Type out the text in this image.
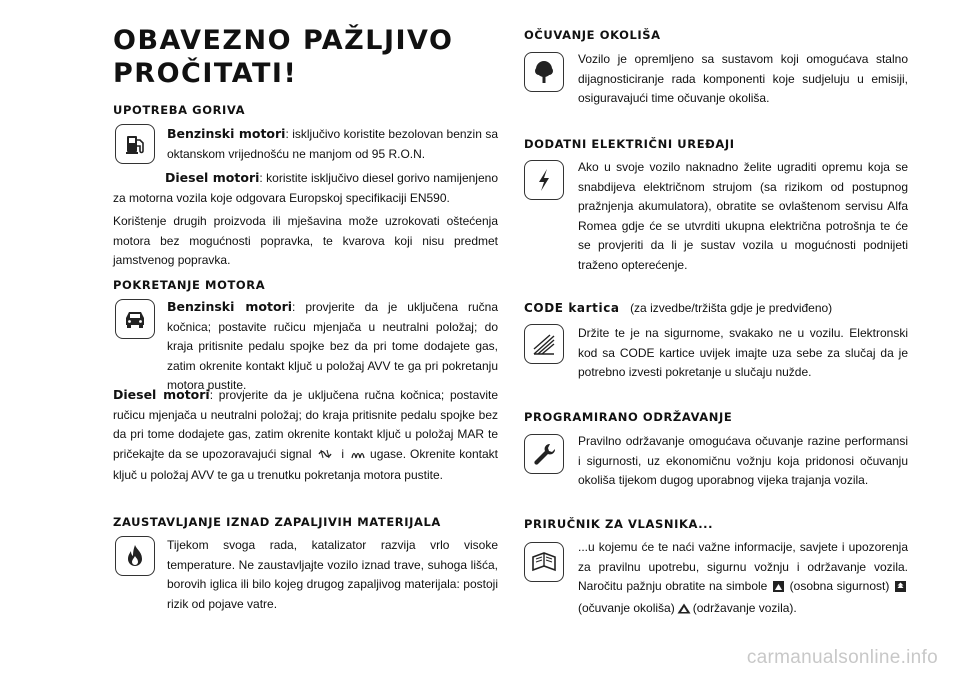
OBAVEZNO PAŽLJIVO
PROČITATI!
UPOTREBA GORIVA
Benzinski motori: isključivo koristite bezolovan benzin sa oktanskom vrijednošću ne manjom od 95 R.O.N.

Diesel motori: koristite isključivo diesel gorivo namijenjeno za motorna vozila koje odgovara Europskoj specifikaciji EN590.

Korištenje drugih proizvoda ili mješavina može uzrokovati oštećenja motora bez mogućnosti popravka, te kvarova koji nisu predmet jamstvenog popravka.

POKRETANJE MOTORA
Benzinski motori: provjerite da je uključena ručna kočnica; postavite ručicu mjenjača u neutralni položaj; do kraja pritisnite pedalu spojke bez da pri tome dodajete gas, zatim okrenite kontakt ključ u položaj AVV te ga pri pokretanju motora pustite.
Diesel motori: provjerite da je uključena ručna kočnica; postavite ručicu mjenjača u neutralni položaj; do kraja pritisnite pedalu spojke bez da pri tome dodajete gas, zatim okrenite kontakt ključ u položaj MAR te pričekajte da se upozoravajući signal i ugase. Okrenite kontakt ključ u položaj AVV te ga u trenutku pokretanja motora pustite.
ZAUSTAVLJANJE IZNAD ZAPALJIVIH MATERIJALA
Tijekom svoga rada, katalizator razvija vrlo visoke temperature. Ne zaustavljajte vozilo iznad trave, suhoga lišća, borovih iglica ili bilo kojeg drugog zapaljivog materijala: postoji rizik od pojave vatre.
OČUVANJE OKOLIŠA
Vozilo je opremljeno sa sustavom koji omogućava stalno dijagnosticiranje rada komponenti koje sudjeluju u emisiji, osiguravajući time očuvanje okoliša.
DODATNI ELEKTRIČNI UREĐAJI
Ako u svoje vozilo naknadno želite ugraditi opremu koja se snabdijeva električnom strujom (sa rizikom od postupnog pražnjenja akumulatora), obratite se ovlaštenom servisu Alfa Romea gdje će se utvrditi ukupna električna potrošnja te će se provjeriti da li je sustav vozila u mogućnosti podnijeti traženo opterećenje.
CODE kartica (za izvedbe/tržišta gdje je predviđeno)
Držite te je na sigurnome, svakako ne u vozilu. Elektronski kod sa CODE kartice uvijek imajte uza sebe za slučaj da je potrebno izvesti pokretanje u slučaju nužde.
PROGRAMIRANO ODRŽAVANJE
Pravilno održavanje omogućava očuvanje razine performansi i sigurnosti, uz ekonomičnu vožnju koja pridonosi očuvanju okoliša tijekom dugog uporabnog vijeka trajanja vozila.
PRIRUČNIK ZA VLASNIKA...
...u kojemu će te naći važne informacije, savjete i upozorenja za pravilnu upotrebu, sigurnu vožnju i održavanje vozila. Naročitu pažnju obratite na simbole (osobna sigurnost) (očuvanje okoliša) (održavanje vozila).
carmanualsonline.info
